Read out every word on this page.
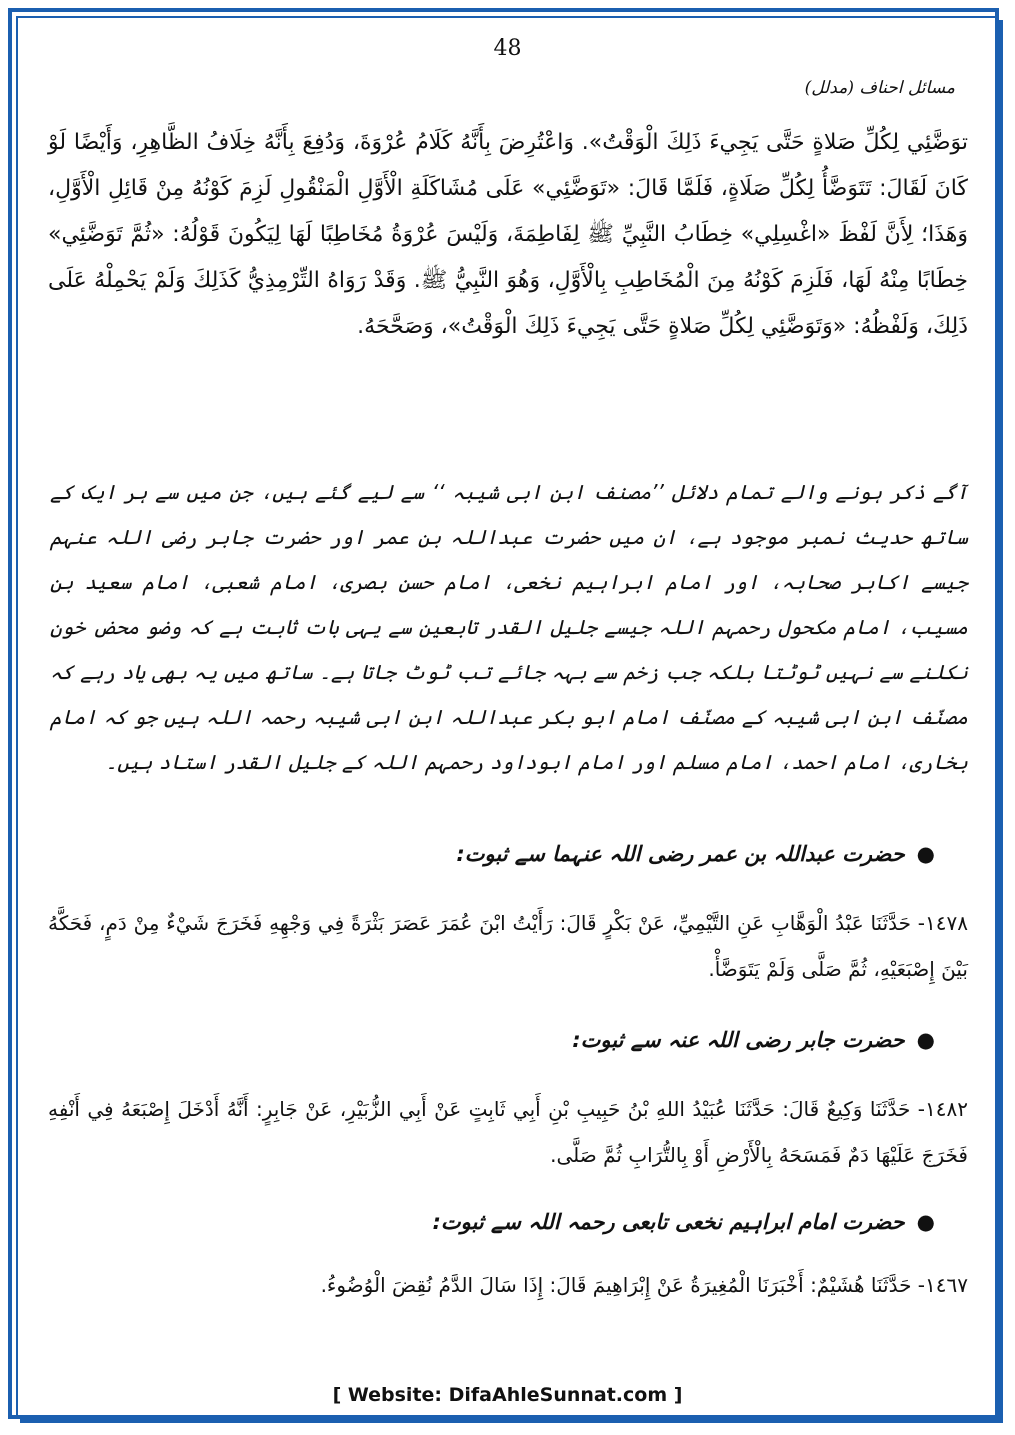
48
مسائل احناف (مدلل)
توَضَّئِي لِكُلِّ صَلاةٍ حَتَّى يَجِيءَ ذَلِكَ الْوَقْتُ». وَاعْتُرِضَ بِأَنَّهُ كَلَامُ عُرْوَةَ، وَدُفِعَ بِأَنَّهُ خِلَافُ الظَّاهِرِ، وَأَيْضًا لَوْ كَانَ لَقَالَ: تَتَوَضَّأُ لِكُلِّ صَلَاةٍ، فَلَمَّا قَالَ: «تَوَضَّئِي» عَلَى مُشَاكَلَةِ الْأَوَّلِ الْمَنْقُولِ لَزِمَ كَوْنُهُ مِنْ قَائِلِ الْأَوَّلِ، وَهَذَا؛ لِأَنَّ لَفْظَ «اغْسِلِي» خِطَابُ النَّبِيِّ ﷺ لِفَاطِمَةَ، وَلَيْسَ عُرْوَةُ مُخَاطِبًا لَهَا لِيَكُونَ قَوْلُهُ: «ثُمَّ تَوَضَّئِي» خِطَابًا مِنْهُ لَهَا، فَلَزِمَ كَوْنُهُ مِنَ الْمُخَاطِبِ بِالْأَوَّلِ، وَهُوَ النَّبِيُّ ﷺ. وَقَدْ رَوَاهُ التِّرْمِذِيُّ كَذَلِكَ وَلَمْ يَحْمِلْهُ عَلَى ذَلِكَ، وَلَفْظُهُ: «وَتَوَضَّئِي لِكُلِّ صَلاةٍ حَتَّى يَجِيءَ ذَلِكَ الْوَقْتُ»، وَصَحَّحَهُ.
آگے ذکر ہونے والے تمام دلائل ’’مصنف ابن ابی شیبہ ‘‘ سے لیے گئے ہیں، جن میں سے ہر ایک کے ساتھ حدیث نمبر موجود ہے، ان میں حضرت عبداللہ بن عمر اور حضرت جابر رضی اللہ عنہم جیسے اکابر صحابہ، اور امام ابراہیم نخعی، امام حسن بصری، امام شعبی، امام سعید بن مسیب، امام مکحول رحمہم اللہ جیسے جلیل القدر تابعین سے یہی بات ثابت ہے کہ وضو محض خون نکلنے سے نہیں ٹوٹتا بلکہ جب زخم سے بہہ جائے تب ٹوٹ جاتا ہے۔ ساتھ میں یہ بھی یاد رہے کہ مصنّف ابن ابی شیبہ کے مصنّف امام ابو بکر عبداللہ ابن ابی شیبہ رحمہ اللہ ہیں جو کہ امام بخاری، امام احمد، امام مسلم اور امام ابوداود رحمہم اللہ کے جلیل القدر استاد ہیں۔
●حضرت عبداللہ بن عمر رضی اللہ عنہما سے ثبوت:
١٤٧٨- حَدَّثَنَا عَبْدُ الْوَهَّابِ عَنِ التَّيْمِيِّ، عَنْ بَكْرٍ قَالَ: رَأَيْتُ ابْنَ عُمَرَ عَصَرَ بَثْرَةً فِي وَجْهِهِ فَخَرَجَ شَيْءٌ مِنْ دَمٍ، فَحَكَّهُ بَيْنَ إِصْبَعَيْهِ، ثُمَّ صَلَّى وَلَمْ يَتَوَضَّأْ.
●حضرت جابر رضی اللہ عنہ سے ثبوت:
١٤٨٢- حَدَّثَنَا وَكِيعٌ قَالَ: حَدَّثَنَا عُبَيْدُ اللهِ بْنُ حَبِيبِ بْنِ أَبِي ثَابِتٍ عَنْ أَبِي الزُّبَيْرِ، عَنْ جَابِرٍ: أَنَّهُ أَدْخَلَ إِصْبَعَهُ فِي أَنْفِهِ فَخَرَجَ عَلَيْهَا دَمٌ فَمَسَحَهُ بِالْأَرْضِ أَوْ بِالتُّرَابِ ثُمَّ صَلَّى.
●حضرت امام ابراہیم نخعی تابعی رحمہ اللہ سے ثبوت:
١٤٦٧- حَدَّثَنَا هُشَيْمٌ: أَخْبَرَنَا الْمُغِيرَةُ عَنْ إِبْرَاهِيمَ قَالَ: إِذَا سَالَ الدَّمُ نُقِضَ الْوُضُوءُ.
[ Website: DifaAhleSunnat.com ]
